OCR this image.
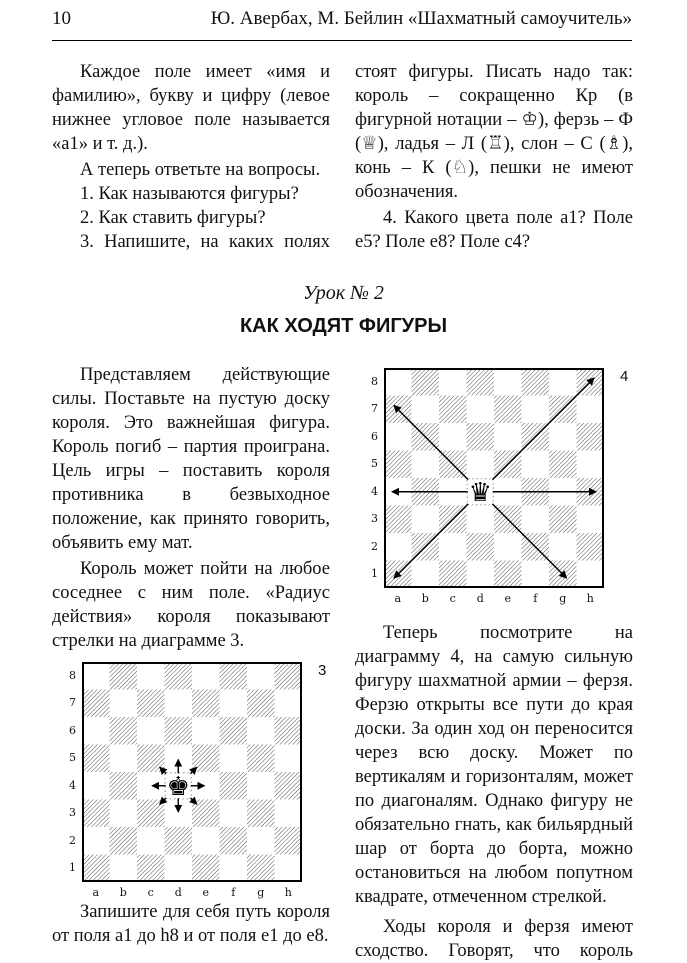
10	Ю. Авербах, М. Бейлин «Шахматный самоучитель»

Каждое поле имеет «имя и фамилию», букву и цифру (левое нижнее угловое поле называется «а1» и т. д.).

А теперь ответьте на вопросы.

1. Как называются фигуры?

2. Как ставить фигуры?

3. Напишите, на каких полях

стоят фигуры. Писать надо так: король – сокращенно Кр (в фигурной нотации – ♔), ферзь – Ф (♕), ладья – Л (♖), слон – С (♗), конь – К (♘), пешки не имеют обозначения.

4. Какого цвета поле а1? Поле е5? Поле е8? Поле с4?

Урок № 2
КАК ХОДЯТ ФИГУРЫ

Представляем действующие силы. Поставьте на пустую доску короля. Это важнейшая фигура. Король погиб – партия проиграна. Цель игры – поставить короля противника в безвыходное положение, как принято говорить, объявить ему мат.

Король может пойти на любое соседнее с ним поле. «Радиус действия» короля показывают стрелки на диаграмме 3.

3
♚
8
7
6
5
4
3
2
1
a	b	c	d	e	f	g	h

Запишите для себя путь короля от поля а1 до h8 и от поля е1 до е8.

4
♛
8
7
6
5
4
3
2
1
a	b	c	d	e	f	g	h

Теперь посмотрите на диаграмму 4, на самую сильную фигуру шахматной армии – ферзя. Ферзю открыты все пути до края доски. За один ход он переносится через всю доску. Может по вертикалям и горизонталям, может по диагоналям. Однако фигуру не обязательно гнать, как бильярдный шар от борта до борта, можно остановиться на любом попутном квадрате, отмеченном стрелкой.

Ходы короля и ферзя имеют сходство. Говорят, что король
